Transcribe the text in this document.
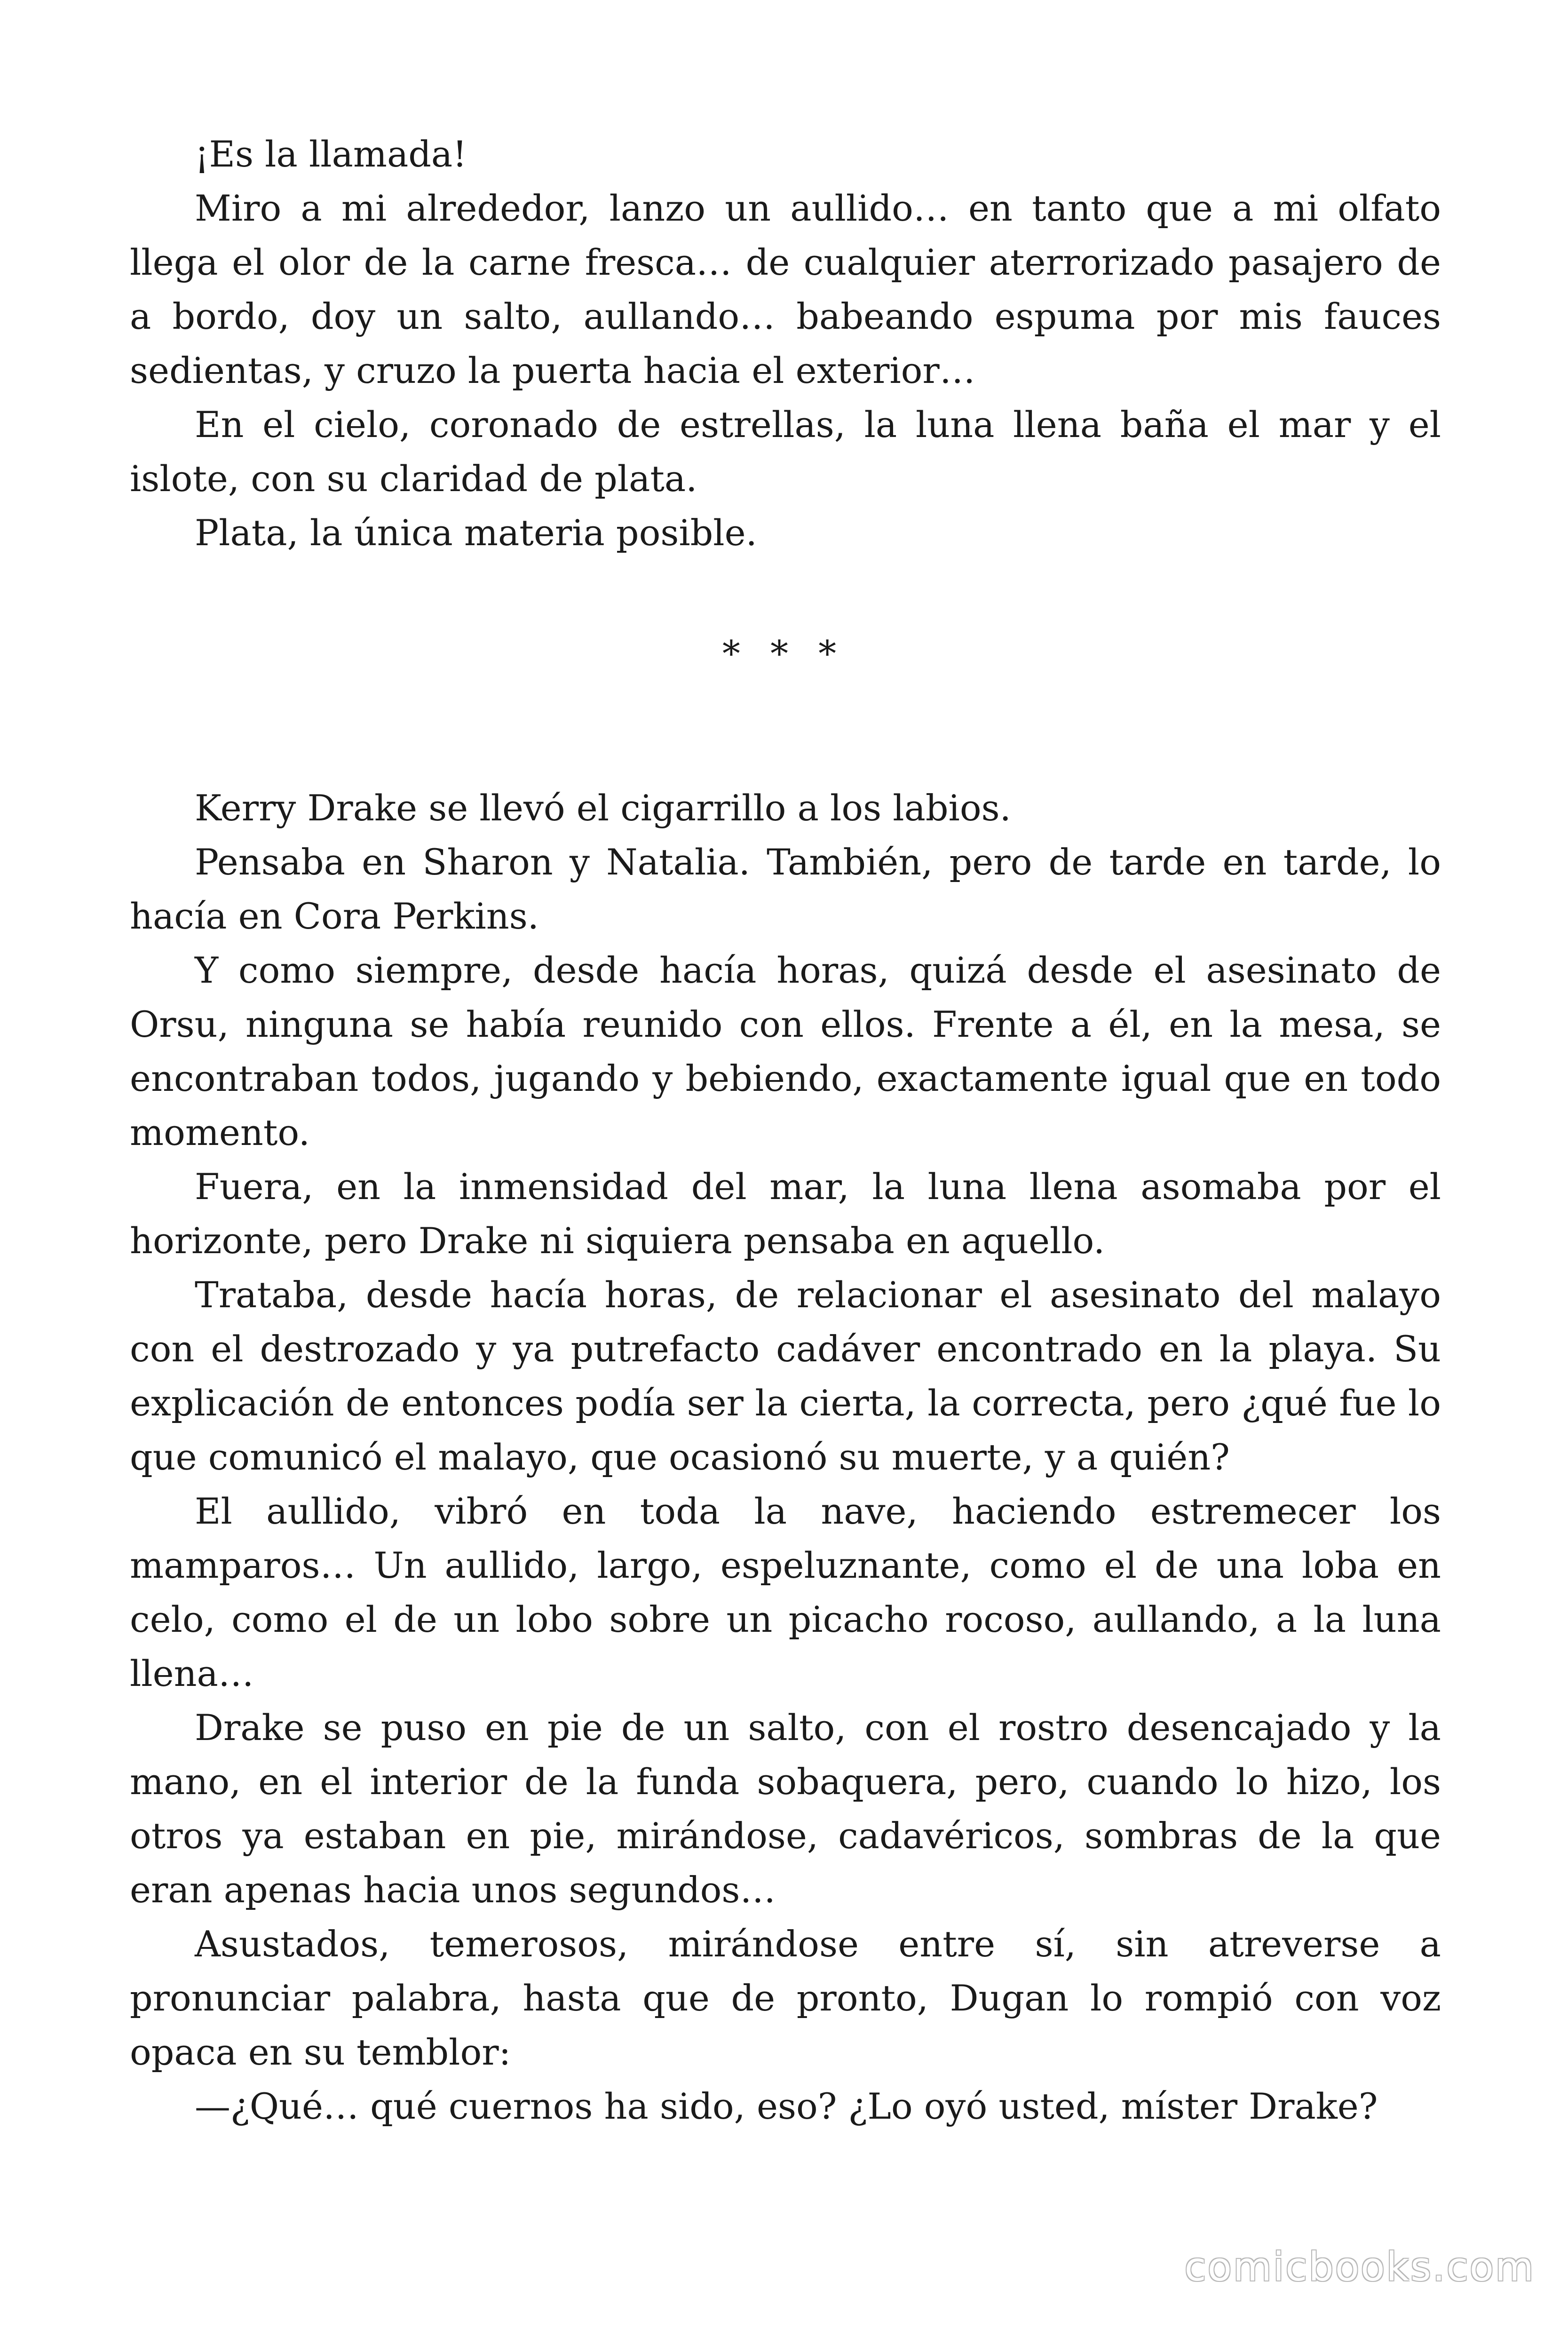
¡Es la llamada!

Miro a mi alrededor, lanzo un aullido… en tanto que a mi olfato llega el olor de la carne fresca… de cualquier aterrorizado pasajero de a bordo, doy un salto, aullando… babeando espuma por mis fauces sedientas, y cruzo la puerta hacia el exterior…

En el cielo, coronado de estrellas, la luna llena baña el mar y el islote, con su claridad de plata.

Plata, la única materia posible.

* * *

Kerry Drake se llevó el cigarrillo a los labios.

Pensaba en Sharon y Natalia. También, pero de tarde en tarde, lo hacía en Cora Perkins.

Y como siempre, desde hacía horas, quizá desde el asesinato de Orsu, ninguna se había reunido con ellos. Frente a él, en la mesa, se encontraban todos, jugando y bebiendo, exactamente igual que en todo momento.

Fuera, en la inmensidad del mar, la luna llena asomaba por el horizonte, pero Drake ni siquiera pensaba en aquello.

Trataba, desde hacía horas, de relacionar el asesinato del malayo con el destrozado y ya putrefacto cadáver encontrado en la playa. Su explicación de entonces podía ser la cierta, la correcta, pero ¿qué fue lo que comunicó el malayo, que ocasionó su muerte, y a quién?

El aullido, vibró en toda la nave, haciendo estremecer los mamparos… Un aullido, largo, espeluznante, como el de una loba en celo, como el de un lobo sobre un picacho rocoso, aullando, a la luna llena…

Drake se puso en pie de un salto, con el rostro desencajado y la mano, en el interior de la funda sobaquera, pero, cuando lo hizo, los otros ya estaban en pie, mirándose, cadavéricos, sombras de la que eran apenas hacia unos segundos…

Asustados, temerosos, mirándose entre sí, sin atreverse a pronunciar palabra, hasta que de pronto, Dugan lo rompió con voz opaca en su temblor:

—¿Qué… qué cuernos ha sido, eso? ¿Lo oyó usted, míster Drake?

comicbooks.com
